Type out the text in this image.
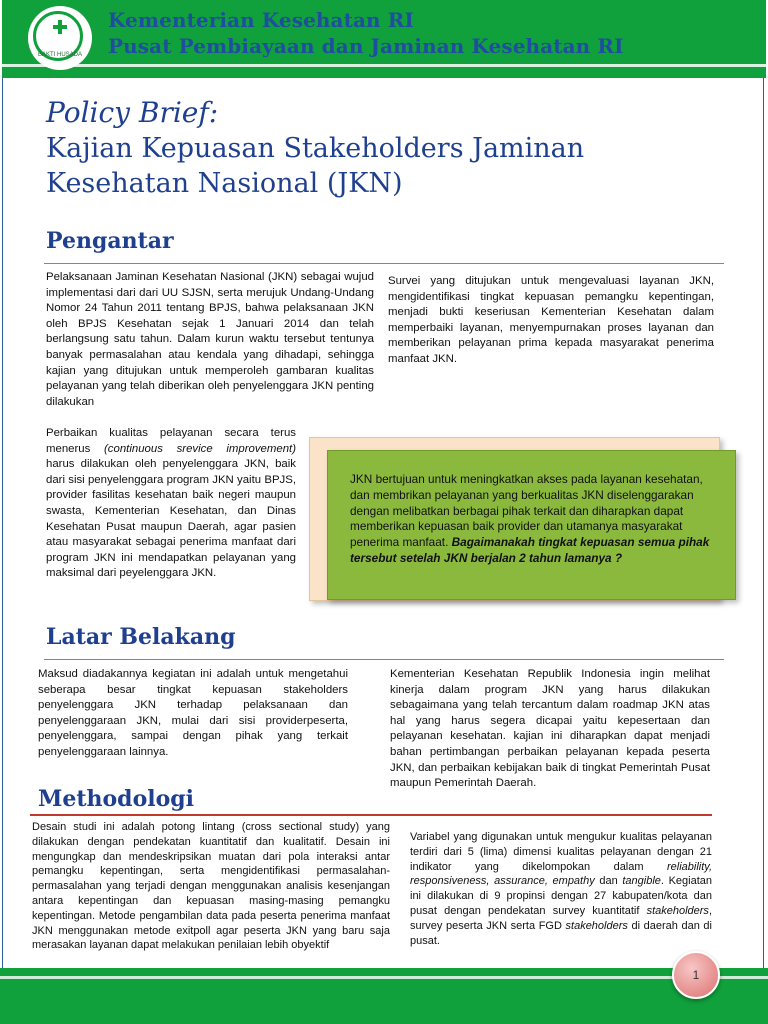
BAKTI HUSADA
Kementerian Kesehatan RI
Pusat Pembiayaan dan Jaminan Kesehatan RI
Policy Brief:
Kajian Kepuasan Stakeholders Jaminan
Kesehatan Nasional (JKN)
Pengantar
Pelaksanaan Jaminan Kesehatan Nasional (JKN) sebagai wujud implementasi dari dari UU SJSN, serta merujuk Undang-Undang Nomor 24 Tahun 2011 tentang BPJS, bahwa pelaksanaan JKN oleh BPJS Kesehatan sejak 1 Januari 2014 dan telah berlangsung satu tahun. Dalam kurun waktu tersebut tentunya banyak permasalahan atau kendala yang dihadapi, sehingga kajian yang ditujukan untuk memperoleh gambaran kualitas pelayanan yang telah diberikan oleh penyelenggara JKN penting dilakukan
Survei yang ditujukan untuk mengevaluasi layanan JKN, mengidentifikasi tingkat kepuasan pemangku kepentingan, menjadi bukti keseriusan Kementerian Kesehatan dalam memperbaiki layanan, menyempurnakan proses layanan dan memberikan pelayanan prima kepada masyarakat penerima manfaat JKN.
Perbaikan kualitas pelayanan secara terus menerus (continuous srevice improvement) harus dilakukan oleh penyelenggara JKN, baik dari sisi penyelenggara program JKN yaitu BPJS, provider fasilitas kesehatan baik negeri maupun swasta, Kementerian Kesehatan, dan Dinas Kesehatan Pusat maupun Daerah, agar pasien atau masyarakat sebagai penerima manfaat dari program JKN ini mendapatkan pelayanan yang maksimal dari peyelenggara JKN.
JKN bertujuan untuk meningkatkan akses pada layanan kesehatan, dan membrikan pelayanan yang berkualitas JKN diselenggarakan dengan melibatkan berbagai pihak terkait dan diharapkan dapat memberikan kepuasan baik provider dan utamanya masyarakat penerima manfaat. Bagaimanakah tingkat kepuasan semua pihak tersebut setelah JKN berjalan 2 tahun lamanya ?
Latar Belakang
Maksud diadakannya kegiatan ini adalah untuk mengetahui seberapa besar tingkat kepuasan stakeholders penyelenggara JKN terhadap pelaksanaan dan penyelenggaraan JKN, mulai dari sisi providerpeserta, penyelenggara, sampai dengan pihak yang terkait penyelenggaraan lainnya.
Kementerian Kesehatan Republik Indonesia ingin melihat kinerja dalam program JKN yang harus dilakukan sebagaimana yang telah tercantum dalam roadmap JKN atas hal yang harus segera dicapai yaitu kepesertaan dan pelayanan kesehatan. kajian ini diharapkan dapat menjadi bahan pertimbangan perbaikan pelayanan kepada peserta JKN, dan perbaikan kebijakan baik di tingkat Pemerintah Pusat maupun Pemerintah Daerah.
Methodologi
Desain studi ini adalah potong lintang (cross sectional study) yang dilakukan dengan pendekatan kuantitatif dan kualitatif. Desain ini mengungkap dan mendeskripsikan muatan dari pola interaksi antar pemangku kepentingan, serta mengidentifikasi permasalahan-permasalahan yang terjadi dengan menggunakan analisis kesenjangan antara kepentingan dan kepuasan masing-masing pemangku kepentingan. Metode pengambilan data pada peserta penerima manfaat JKN menggunakan metode exitpoll agar peserta JKN yang baru saja merasakan layanan dapat melakukan penilaian lebih obyektif
Variabel yang digunakan untuk mengukur kualitas pelayanan terdiri dari 5 (lima) dimensi kualitas pelayanan dengan 21 indikator yang dikelompokan dalam reliability, responsiveness, assurance, empathy dan tangible. Kegiatan ini dilakukan di 9 propinsi dengan 27 kabupaten/kota dan pusat dengan pendekatan survey kuantitatif stakeholders, survey peserta JKN serta FGD stakeholders di daerah dan di pusat.
1
